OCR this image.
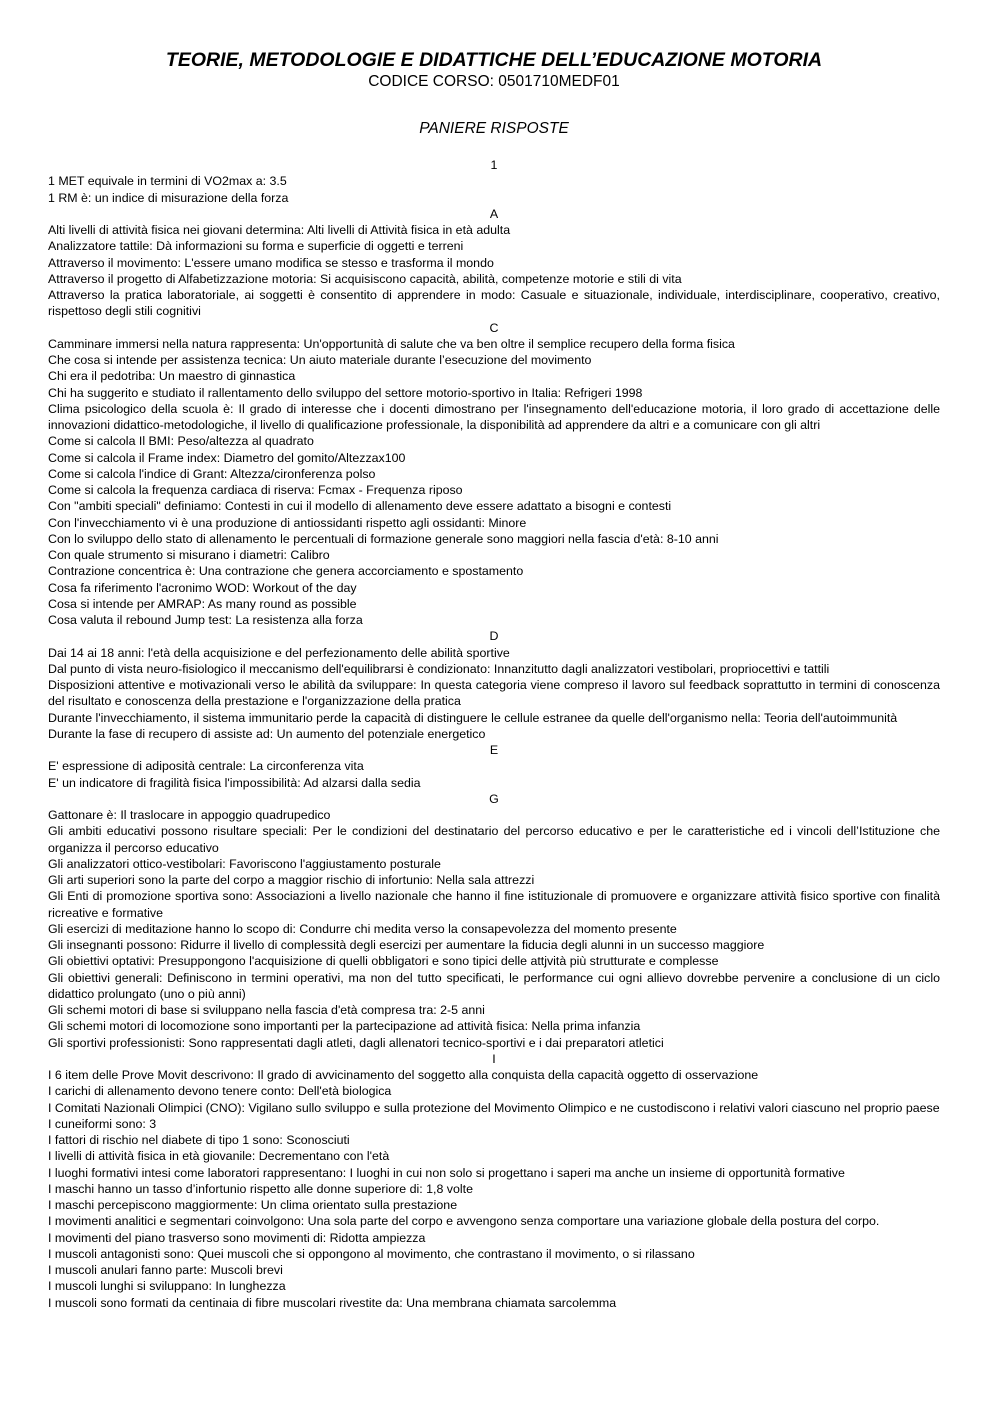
TEORIE, METODOLOGIE E DIDATTICHE DELL’EDUCAZIONE MOTORIA
CODICE CORSO: 0501710MEDF01
PANIERE RISPOSTE
1
1 MET equivale in termini di VO2max a: 3.5
1 RM è: un indice di misurazione della forza
A
Alti livelli di attività fisica nei giovani determina: Alti livelli di Attività fisica in età adulta
Analizzatore tattile: Dà informazioni su forma e superficie di oggetti e terreni
Attraverso il movimento: L'essere umano modifica se stesso e trasforma il mondo
Attraverso il progetto di Alfabetizzazione motoria: Si acquisiscono capacità, abilità, competenze motorie e stili di vita
Attraverso la pratica laboratoriale, ai soggetti è consentito di apprendere in modo: Casuale e situazionale, individuale, interdisciplinare, cooperativo, creativo, rispettoso degli stili cognitivi
C
Camminare immersi nella natura rappresenta: Un'opportunità di salute che va ben oltre il semplice recupero della forma fisica
Che cosa si intende per assistenza tecnica: Un aiuto materiale durante l’esecuzione del movimento
Chi era il pedotriba: Un maestro di ginnastica
Chi ha suggerito e studiato il rallentamento dello sviluppo del settore motorio-sportivo in Italia: Refrigeri 1998
Clima psicologico della scuola è: Il grado di interesse che i docenti dimostrano per l'insegnamento dell'educazione motoria, il loro grado di accettazione delle innovazioni didattico-metodologiche, il livello di qualificazione professionale, la disponibilità ad apprendere da altri e a comunicare con gli altri
Come si calcola Il BMI: Peso/altezza al quadrato
Come si calcola il Frame index: Diametro del gomito/Altezzax100
Come si calcola l'indice di Grant: Altezza/cironferenza polso
Come si calcola la frequenza cardiaca di riserva: Fcmax - Frequenza riposo
Con "ambiti speciali" definiamo: Contesti in cui il modello di allenamento deve essere adattato a bisogni e contesti
Con l'invecchiamento vi è una produzione di antiossidanti rispetto agli ossidanti: Minore
Con lo sviluppo dello stato di allenamento le percentuali di formazione generale sono maggiori nella fascia d'età: 8-10 anni
Con quale strumento si misurano i diametri: Calibro
Contrazione concentrica è: Una contrazione che genera accorciamento e spostamento
Cosa fa riferimento l'acronimo WOD: Workout of the day
Cosa si intende per AMRAP: As many round as possible
Cosa valuta il rebound Jump test: La resistenza alla forza
D
Dai 14 ai 18 anni: l'età della acquisizione e del perfezionamento delle abilità sportive
Dal punto di vista neuro-fisiologico il meccanismo dell'equilibrarsi è condizionato: Innanzitutto dagli analizzatori vestibolari, propriocettivi e tattili
Disposizioni attentive e motivazionali verso le abilità da sviluppare: In questa categoria viene compreso il lavoro sul feedback soprattutto in termini di conoscenza del risultato e conoscenza della prestazione e l'organizzazione della pratica
Durante l'invecchiamento, il sistema immunitario perde la capacità di distinguere le cellule estranee da quelle dell'organismo nella: Teoria dell'autoimmunità
Durante la fase di recupero di assiste ad: Un aumento del potenziale energetico
E
E' espressione di adiposità centrale: La circonferenza vita
E' un indicatore di fragilità fisica l'impossibilità: Ad alzarsi dalla sedia
G
Gattonare è: Il traslocare in appoggio quadrupedico
Gli ambiti educativi possono risultare speciali: Per le condizioni del destinatario del percorso educativo e per le caratteristiche ed i vincoli dell’Istituzione che organizza il percorso educativo
Gli analizzatori ottico-vestibolari: Favoriscono l'aggiustamento posturale
Gli arti superiori sono la parte del corpo a maggior rischio di infortunio: Nella sala attrezzi
Gli Enti di promozione sportiva sono: Associazioni a livello nazionale che hanno il fine istituzionale di promuovere e organizzare attività fisico sportive con finalità ricreative e formative
Gli esercizi di meditazione hanno lo scopo di: Condurre chi medita verso la consapevolezza del momento presente
Gli insegnanti possono: Ridurre il livello di complessità degli esercizi per aumentare la fiducia degli alunni in un successo maggiore
Gli obiettivi optativi: Presuppongono l'acquisizione di quelli obbligatori e sono tipici delle attjvità più strutturate e complesse
Gli obiettivi generali: Definiscono in termini operativi, ma non del tutto specificati, le performance cui ogni allievo dovrebbe pervenire a conclusione di un ciclo didattico prolungato (uno o più anni)
Gli schemi motori di base si sviluppano nella fascia d'età compresa tra: 2-5 anni
Gli schemi motori di locomozione sono importanti per la partecipazione ad attività fisica: Nella prima infanzia
Gli sportivi professionisti: Sono rappresentati dagli atleti, dagli allenatori tecnico-sportivi e i dai preparatori atletici
I
I 6 item delle Prove Movit descrivono: Il grado di avvicinamento del soggetto alla conquista della capacità oggetto di osservazione
I carichi di allenamento devono tenere conto: Dell'età biologica
I Comitati Nazionali Olimpici (CNO): Vigilano sullo sviluppo e sulla protezione del Movimento Olimpico e ne custodiscono i relativi valori ciascuno nel proprio paese
I cuneiformi sono: 3
I fattori di rischio nel diabete di tipo 1 sono: Sconosciuti
I livelli di attività fisica in età giovanile: Decrementano con l'età
I luoghi formativi intesi come laboratori rappresentano: I luoghi in cui non solo si progettano i saperi ma anche un insieme di opportunità formative
I maschi hanno un tasso d’infortunio rispetto alle donne superiore di: 1,8 volte
I maschi percepiscono maggiormente: Un clima orientato sulla prestazione
I movimenti analitici e segmentari coinvolgono: Una sola parte del corpo e avvengono senza comportare una variazione globale della postura del corpo.
I movimenti del piano trasverso sono movimenti di: Ridotta ampiezza
I muscoli antagonisti sono: Quei muscoli che si oppongono al movimento, che contrastano il movimento, o si rilassano
I muscoli anulari fanno parte: Muscoli brevi
I muscoli lunghi si sviluppano: In lunghezza
I muscoli sono formati da centinaia di fibre muscolari rivestite da: Una membrana chiamata sarcolemma
